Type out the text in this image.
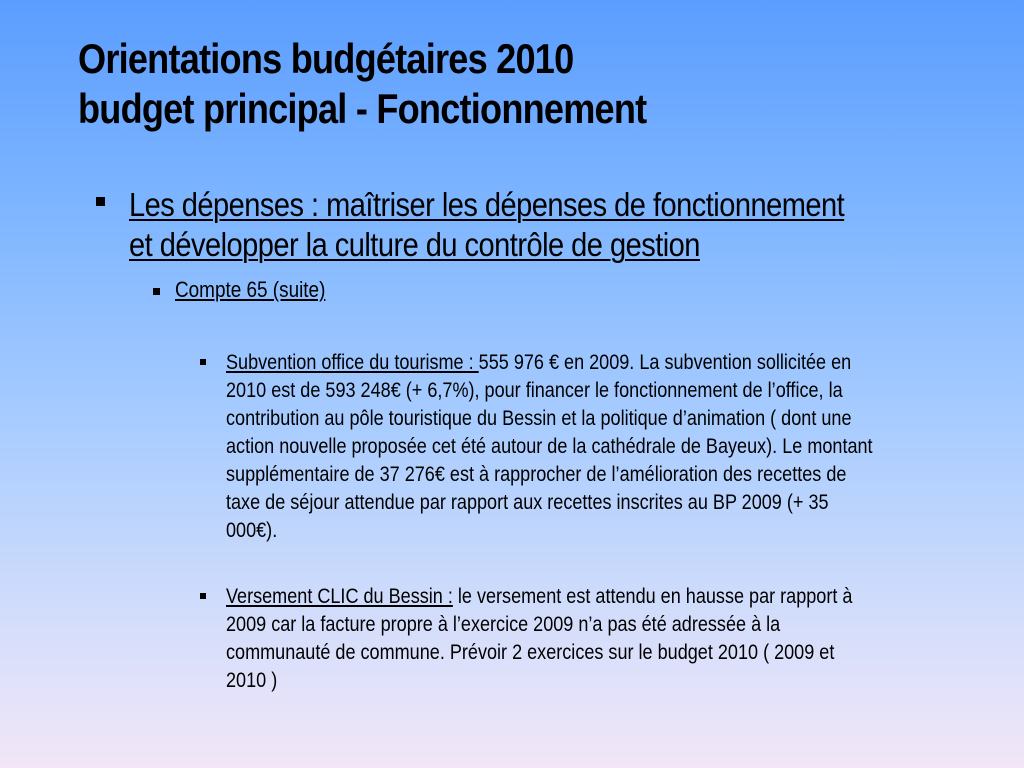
Orientations budgétaires 2010
budget principal - Fonctionnement
Les dépenses : maîtriser les dépenses de fonctionnement
et développer la culture du contrôle de gestion
Compte 65 (suite)
Subvention office du tourisme : 555 976 € en 2009. La subvention sollicitée en
2010 est de 593 248€ (+ 6,7%), pour financer le fonctionnement de l’office, la
contribution au pôle touristique du Bessin et la politique d’animation ( dont une
action nouvelle proposée cet été autour de la cathédrale de Bayeux). Le montant
supplémentaire de 37 276€ est à rapprocher de l’amélioration des recettes de
taxe de séjour attendue par rapport aux recettes inscrites au BP 2009 (+ 35
000€).
Versement CLIC du Bessin : le versement est attendu en hausse par rapport à
2009 car la facture propre à l’exercice 2009 n’a pas été adressée à la
communauté de commune. Prévoir 2 exercices sur le budget 2010 ( 2009 et
2010 )
